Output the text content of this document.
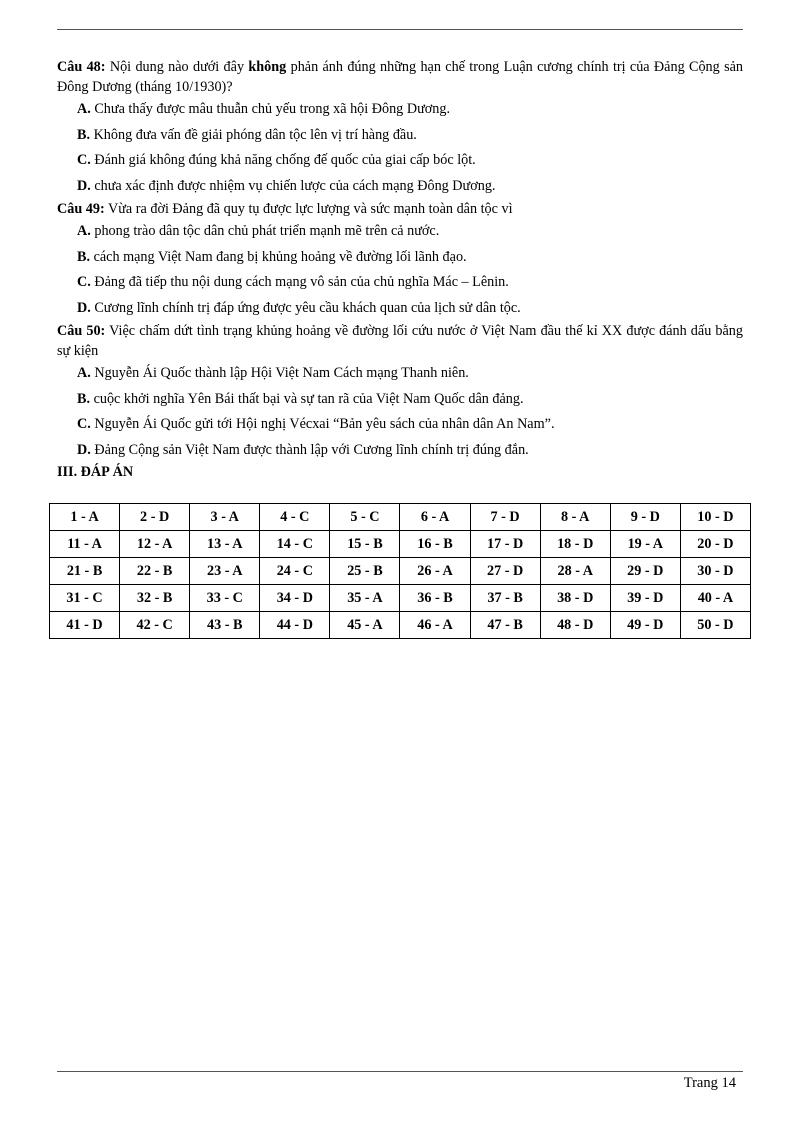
Câu 48: Nội dung nào dưới đây không phản ánh đúng những hạn chế trong Luận cương chính trị của Đảng Cộng sản Đông Dương (tháng 10/1930)?

A. Chưa thấy được mâu thuẫn chủ yếu trong xã hội Đông Dương.

B. Không đưa vấn đề giải phóng dân tộc lên vị trí hàng đầu.

C. Đánh giá không đúng khả năng chống đế quốc của giai cấp bóc lột.

D. chưa xác định được nhiệm vụ chiến lược của cách mạng Đông Dương.

Câu 49: Vừa ra đời Đảng đã quy tụ được lực lượng và sức mạnh toàn dân tộc vì

A. phong trào dân tộc dân chủ phát triển mạnh mẽ trên cả nước.

B. cách mạng Việt Nam đang bị khủng hoảng về đường lối lãnh đạo.

C. Đảng đã tiếp thu nội dung cách mạng vô sản của chủ nghĩa Mác – Lênin.

D. Cương lĩnh chính trị đáp ứng được yêu cầu khách quan của lịch sử dân tộc.

Câu 50: Việc chấm dứt tình trạng khủng hoảng về đường lối cứu nước ở Việt Nam đầu thế kỉ XX được đánh dấu bằng sự kiện

A. Nguyễn Ái Quốc thành lập Hội Việt Nam Cách mạng Thanh niên.

B. cuộc khởi nghĩa Yên Bái thất bại và sự tan rã của Việt Nam Quốc dân đảng.

C. Nguyễn Ái Quốc gửi tới Hội nghị Vécxai “Bản yêu sách của nhân dân An Nam”.

D. Đảng Cộng sản Việt Nam được thành lập với Cương lĩnh chính trị đúng đắn.

III. ĐÁP ÁN

1 - A	2 - D	3 - A	4 - C	5 - C	6 - A	7 - D	8 - A	9 - D	10 - D
11 - A	12 - A	13 - A	14 - C	15 - B	16 - B	17 - D	18 - D	19 - A	20 - D
21 - B	22 - B	23 - A	24 - C	25 - B	26 - A	27 - D	28 - A	29 - D	30 - D
31 - C	32 - B	33 - C	34 - D	35 - A	36 - B	37 - B	38 - D	39 - D	40 - A
41 - D	42 - C	43 - B	44 - D	45 - A	46 - A	47 - B	48 - D	49 - D	50 - D
Trang 14
